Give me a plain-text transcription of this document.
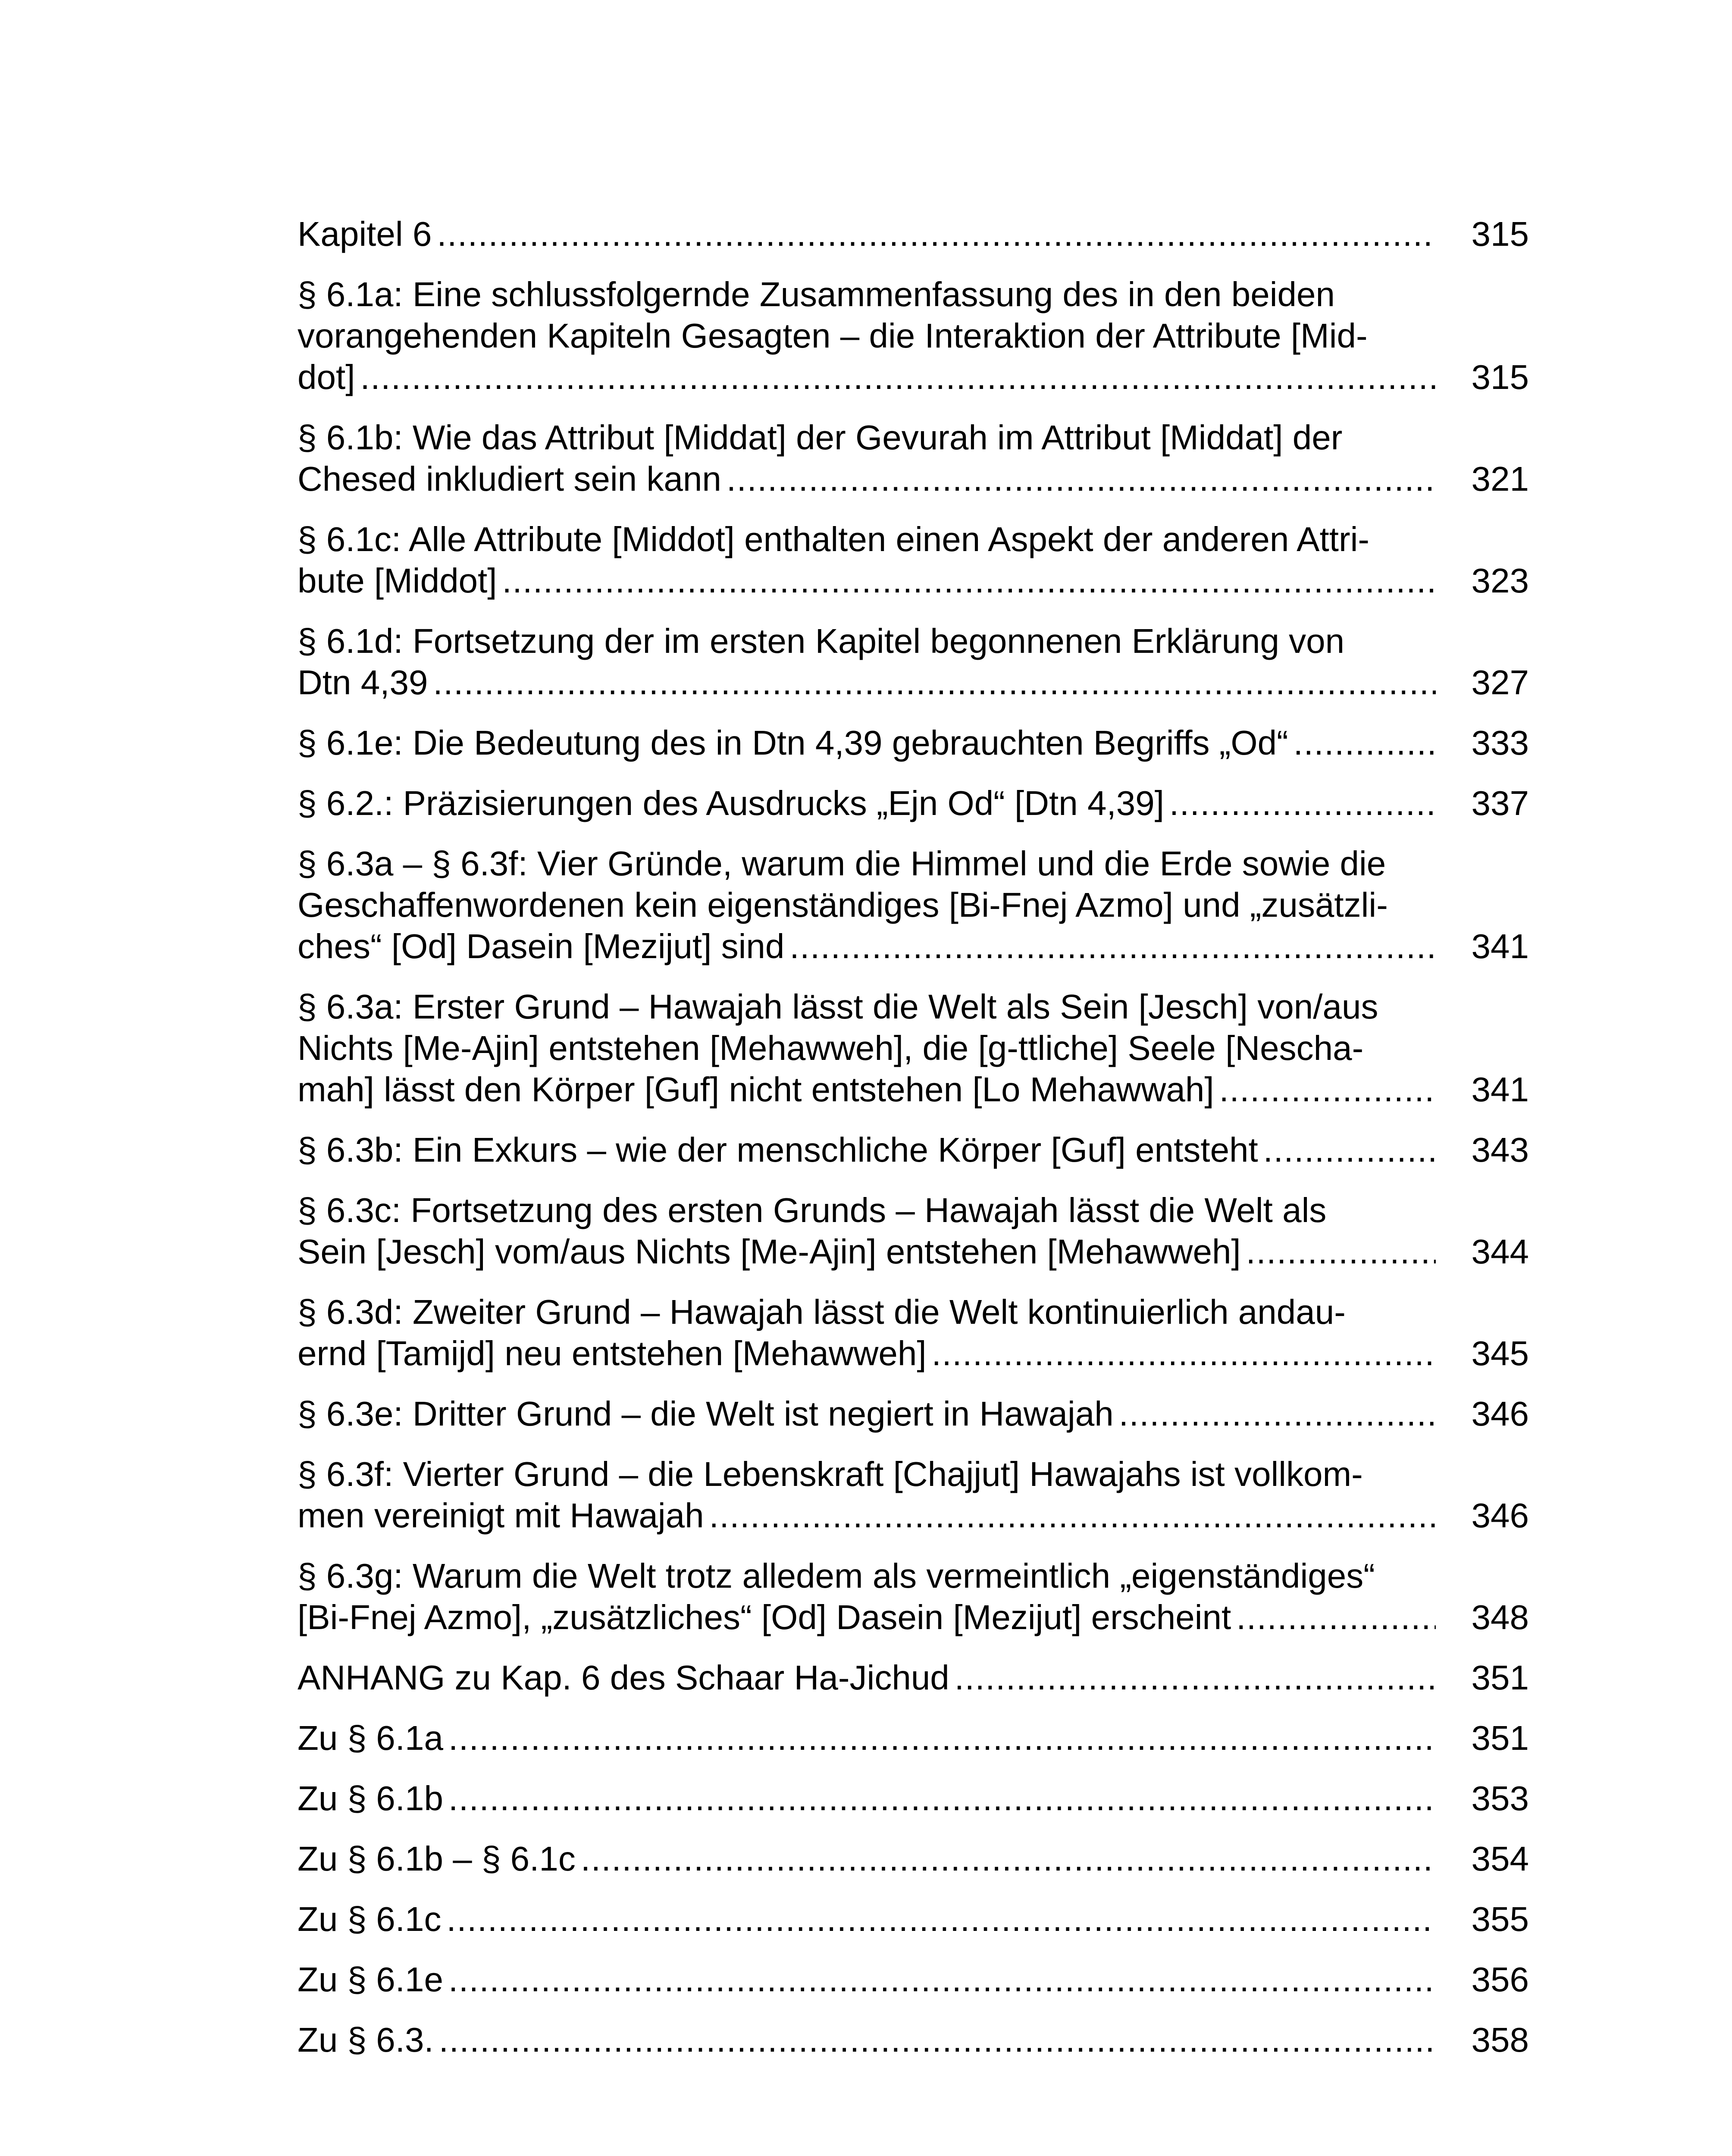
Kapitel 6 .....	315
§ 6.1a: Eine schlussfolgernde Zusammenfassung des in den beiden
vorangehenden Kapiteln Gesagten – die Interaktion der Attribute [Mid-
dot] .....	315
§ 6.1b: Wie das Attribut [Middat] der Gevurah im Attribut [Middat] der
Chesed inkludiert sein kann .....	321
§ 6.1c: Alle Attribute [Middot] enthalten einen Aspekt der anderen Attri-
bute [Middot] .....	323
§ 6.1d: Fortsetzung der im ersten Kapitel begonnenen Erklärung von
Dtn 4,39 .....	327
§ 6.1e: Die Bedeutung des in Dtn 4,39 gebrauchten Begriffs „Od“ .....	333
§ 6.2.: Präzisierungen des Ausdrucks „Ejn Od“ [Dtn 4,39] .....	337
§ 6.3a – § 6.3f: Vier Gründe, warum die Himmel und die Erde sowie die
Geschaffenwordenen kein eigenständiges [Bi-Fnej Azmo] und „zusätzli-
ches“ [Od] Dasein [Mezijut] sind .....	341
§ 6.3a: Erster Grund – Hawajah lässt die Welt als Sein [Jesch] von/aus
Nichts [Me-Ajin] entstehen [Mehawweh], die [g-ttliche] Seele [Nescha-
mah] lässt den Körper [Guf] nicht entstehen [Lo Mehawwah] .....	341
§ 6.3b: Ein Exkurs – wie der menschliche Körper [Guf] entsteht .....	343
§ 6.3c: Fortsetzung des ersten Grunds – Hawajah lässt die Welt als
Sein [Jesch] vom/aus Nichts [Me-Ajin] entstehen [Mehawweh] .....	344
§ 6.3d: Zweiter Grund – Hawajah lässt die Welt kontinuierlich andau-
ernd [Tamijd] neu entstehen [Mehawweh] .....	345
§ 6.3e: Dritter Grund – die Welt ist negiert in Hawajah .....	346
§ 6.3f: Vierter Grund – die Lebenskraft [Chajjut] Hawajahs ist vollkom-
men vereinigt mit Hawajah .....	346
§ 6.3g: Warum die Welt trotz alledem als vermeintlich „eigenständiges“
[Bi-Fnej Azmo], „zusätzliches“ [Od] Dasein [Mezijut] erscheint .....	348
ANHANG zu Kap. 6 des Schaar Ha-Jichud .....	351
Zu § 6.1a .....	351
Zu § 6.1b .....	353
Zu § 6.1b – § 6.1c .....	354
Zu § 6.1c .....	355
Zu § 6.1e .....	356
Zu § 6.3. .....	358
